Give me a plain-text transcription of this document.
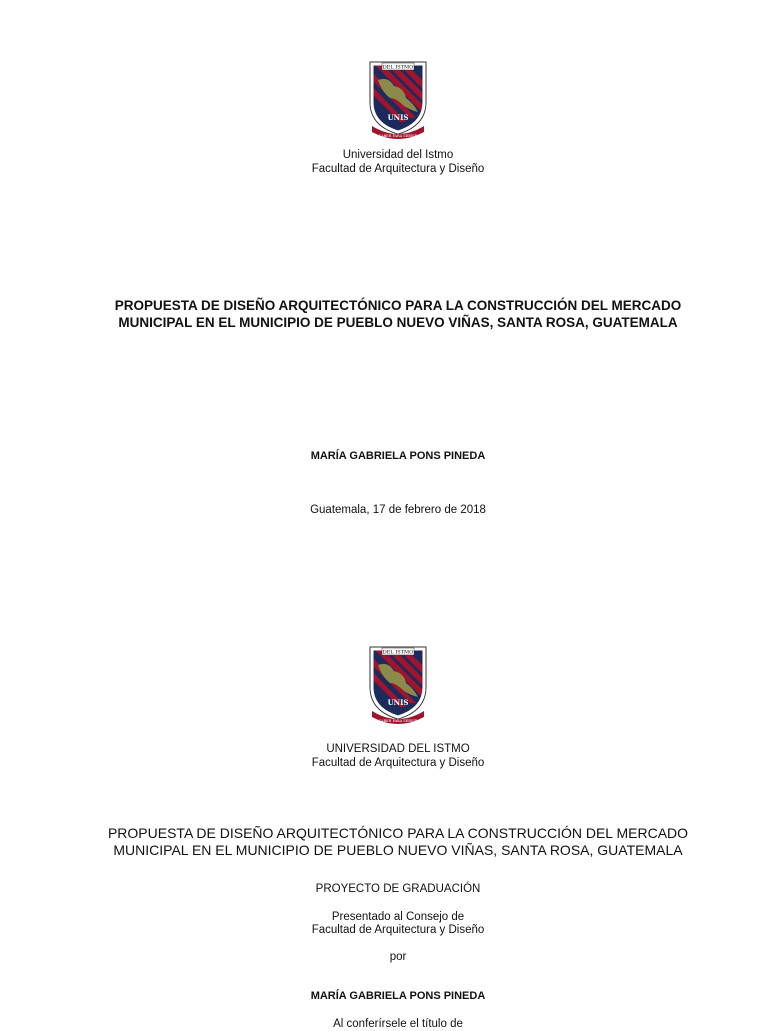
DEL ISTMO
UNIS
SABER PARA SERVIR
Universidad del Istmo
Facultad de Arquitectura y Diseño
PROPUESTA DE DISEÑO ARQUITECTÓNICO PARA LA CONSTRUCCIÓN DEL MERCADO
MUNICIPAL EN EL MUNICIPIO DE PUEBLO NUEVO VIÑAS, SANTA ROSA, GUATEMALA
MARÍA GABRIELA PONS PINEDA
Guatemala, 17 de febrero de 2018
DEL ISTMO
UNIS
SABER PARA SERVIR
UNIVERSIDAD DEL ISTMO
Facultad de Arquitectura y Diseño
PROPUESTA DE DISEÑO ARQUITECTÓNICO PARA LA CONSTRUCCIÓN DEL MERCADO
MUNICIPAL EN EL MUNICIPIO DE PUEBLO NUEVO VIÑAS, SANTA ROSA, GUATEMALA
PROYECTO DE GRADUACIÓN
Presentado al Consejo de
Facultad de Arquitectura y Diseño
por
MARÍA GABRIELA PONS PINEDA
Al conferírsele el título de
